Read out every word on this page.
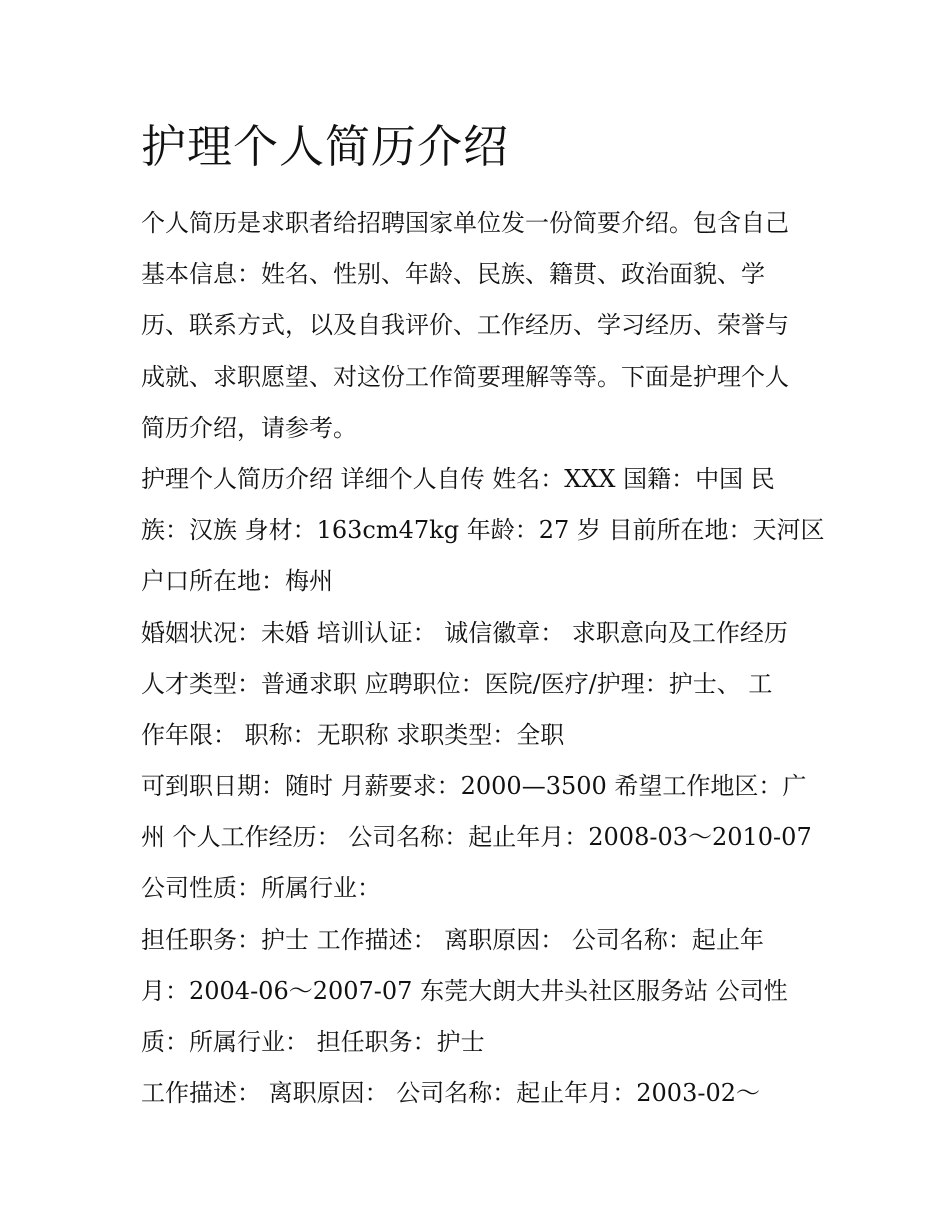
护理个人简历介绍

个人简历是求职者给招聘国家单位发一份简要介绍。包含自己
基本信息：姓名、性别、年龄、民族、籍贯、政治面貌、学
历、联系方式，以及自我评价、工作经历、学习经历、荣誉与
成就、求职愿望、对这份工作简要理解等等。下面是护理个人
简历介绍，请参考。

护理个人简历介绍 详细个人自传 姓名：XXX 国籍：中国 民
族：汉族 身材：163cm47kg 年龄：27 岁 目前所在地：天河区
户口所在地：梅州

婚姻状况：未婚 培训认证： 诚信徽章： 求职意向及工作经历
人才类型：普通求职 应聘职位：医院/医疗/护理：护士、 工
作年限： 职称：无职称 求职类型：全职

可到职日期：随时 月薪要求：2000—3500 希望工作地区：广
州 个人工作经历： 公司名称：起止年月：2008-03～2010-07
公司性质：所属行业：

担任职务：护士 工作描述： 离职原因： 公司名称：起止年
月：2004-06～2007-07 东莞大朗大井头社区服务站 公司性
质：所属行业： 担任职务：护士

工作描述： 离职原因： 公司名称：起止年月：2003-02～
